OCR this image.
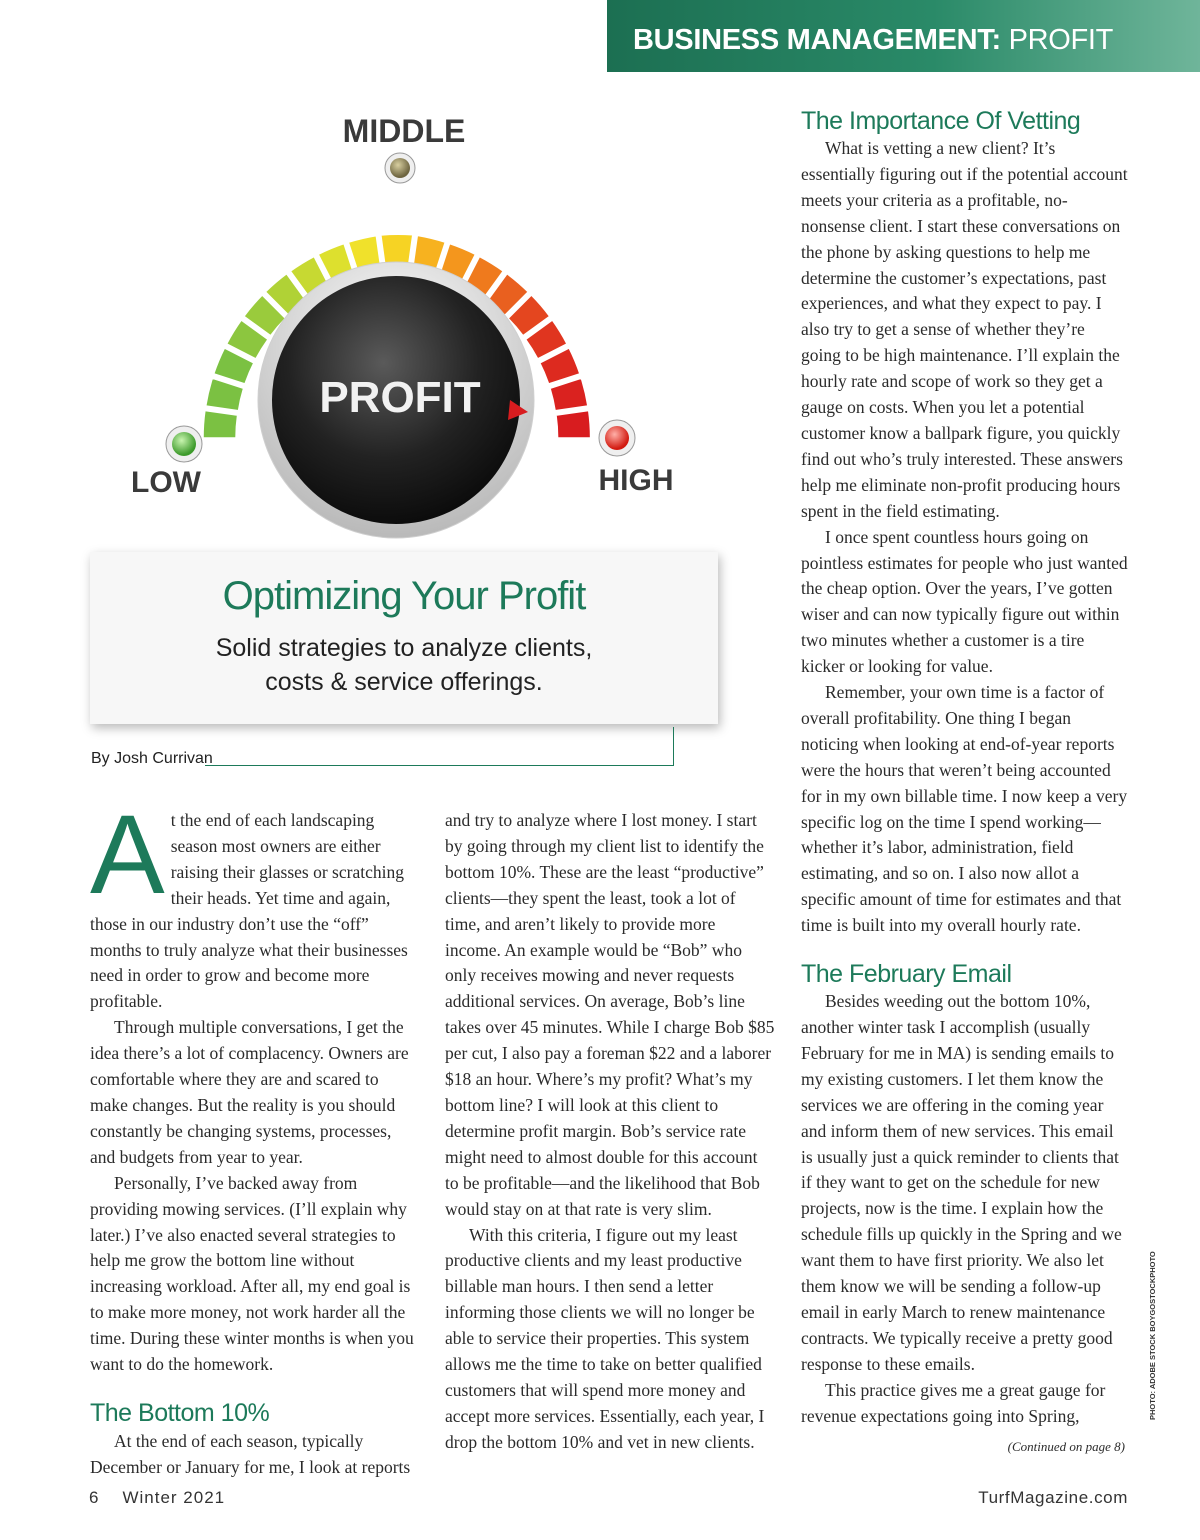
BUSINESS MANAGEMENT: PROFIT GROWTH
MIDDLE
PROFIT
LOW	HIGH
Optimizing Your Profit
Solid strategies to analyze clients,
costs & service offerings.
By Josh Currivan

At the end of each landscaping season most owners are either raising their glasses or scratching their heads. Yet time and again, those in our industry don’t use the “off” months to truly analyze what their businesses need in order to grow and become more profitable.

Through multiple conversations, I get the idea there’s a lot of complacency. Owners are comfortable where they are and scared to make changes. But the reality is you should constantly be changing systems, processes, and budgets from year to year.

Personally, I’ve backed away from providing mowing services. (I’ll explain why later.) I’ve also enacted several strategies to help me grow the bottom line without increasing workload. After all, my end goal is to make more money, not work harder all the time. During these winter months is when you want to do the homework.

The Bottom 10%

At the end of each season, typically December or January for me, I look at reports

and try to analyze where I lost money. I start by going through my client list to identify the bottom 10%. These are the least “productive” clients—they spent the least, took a lot of time, and aren’t likely to provide more income. An example would be “Bob” who only receives mowing and never requests additional services. On average, Bob’s line takes over 45 minutes. While I charge Bob $85 per cut, I also pay a foreman $22 and a laborer $18 an hour. Where’s my profit? What’s my bottom line? I will look at this client to determine profit margin. Bob’s service rate might need to almost double for this account to be profitable—and the likelihood that Bob would stay on at that rate is very slim.

With this criteria, I figure out my least productive clients and my least productive billable man hours. I then send a letter informing those clients we will no longer be able to service their properties. This system allows me the time to take on better qualified customers that will spend more money and accept more services. Essentially, each year, I drop the bottom 10% and vet in new clients.

The Importance Of Vetting

What is vetting a new client? It’s essentially figuring out if the potential account meets your criteria as a profitable, no-nonsense client. I start these conversations on the phone by asking questions to help me determine the customer’s expectations, past experiences, and what they expect to pay. I also try to get a sense of whether they’re going to be high maintenance. I’ll explain the hourly rate and scope of work so they get a gauge on costs. When you let a potential customer know a ballpark figure, you quickly find out who’s truly interested. These answers help me eliminate non-profit producing hours spent in the field estimating.

I once spent countless hours going on pointless estimates for people who just wanted the cheap option. Over the years, I’ve gotten wiser and can now typically figure out within two minutes whether a customer is a tire kicker or looking for value.

Remember, your own time is a factor of overall profitability. One thing I began noticing when looking at end-of-year reports were the hours that weren’t being accounted for in my own billable time. I now keep a very specific log on the time I spend working—whether it’s labor, administration, field estimating, and so on. I also now allot a specific amount of time for estimates and that time is built into my overall hourly rate.

The February Email

Besides weeding out the bottom 10%, another winter task I accomplish (usually February for me in MA) is sending emails to my existing customers. I let them know the services we are offering in the coming year and inform them of new services. This email is usually just a quick reminder to clients that if they want to get on the schedule for new projects, now is the time. I explain how the schedule fills up quickly in the Spring and we want them to have first priority. We also let them know we will be sending a follow-up email in early March to renew maintenance contracts. We typically receive a pretty good response to these emails.

This practice gives me a great gauge for revenue expectations going into Spring,

(Continued on page 8)
PHOTO: ADOBE STOCK BOYGOSTOCKPHOTO
6 Winter 2021	TurfMagazine.com
